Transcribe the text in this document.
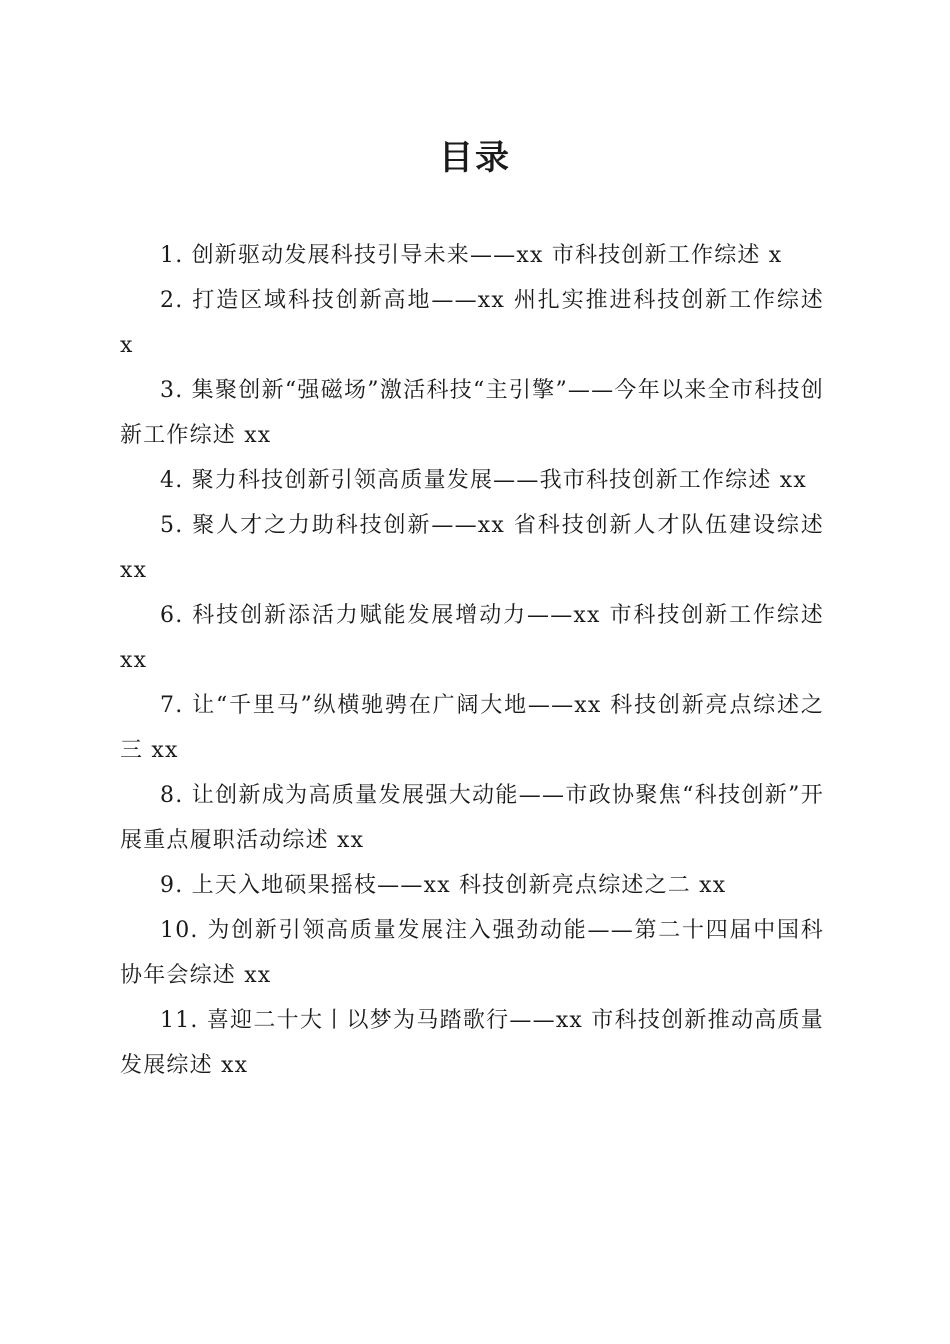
目录
1. 创新驱动发展科技引导未来——xx 市科技创新工作综述 x
2. 打造区域科技创新高地——xx 州扎实推进科技创新工作综述 x
3. 集聚创新“强磁场”激活科技“主引擎”——今年以来全市科技创新工作综述 xx
4. 聚力科技创新引领高质量发展——我市科技创新工作综述 xx
5. 聚人才之力助科技创新——xx 省科技创新人才队伍建设综述 xx
6. 科技创新添活力赋能发展增动力——xx 市科技创新工作综述 xx
7. 让“千里马”纵横驰骋在广阔大地——xx 科技创新亮点综述之三 xx
8. 让创新成为高质量发展强大动能——市政协聚焦“科技创新”开展重点履职活动综述 xx
9. 上天入地硕果摇枝——xx 科技创新亮点综述之二 xx
10. 为创新引领高质量发展注入强劲动能——第二十四届中国科协年会综述 xx
11. 喜迎二十大丨以梦为马踏歌行——xx 市科技创新推动高质量发展综述 xx
